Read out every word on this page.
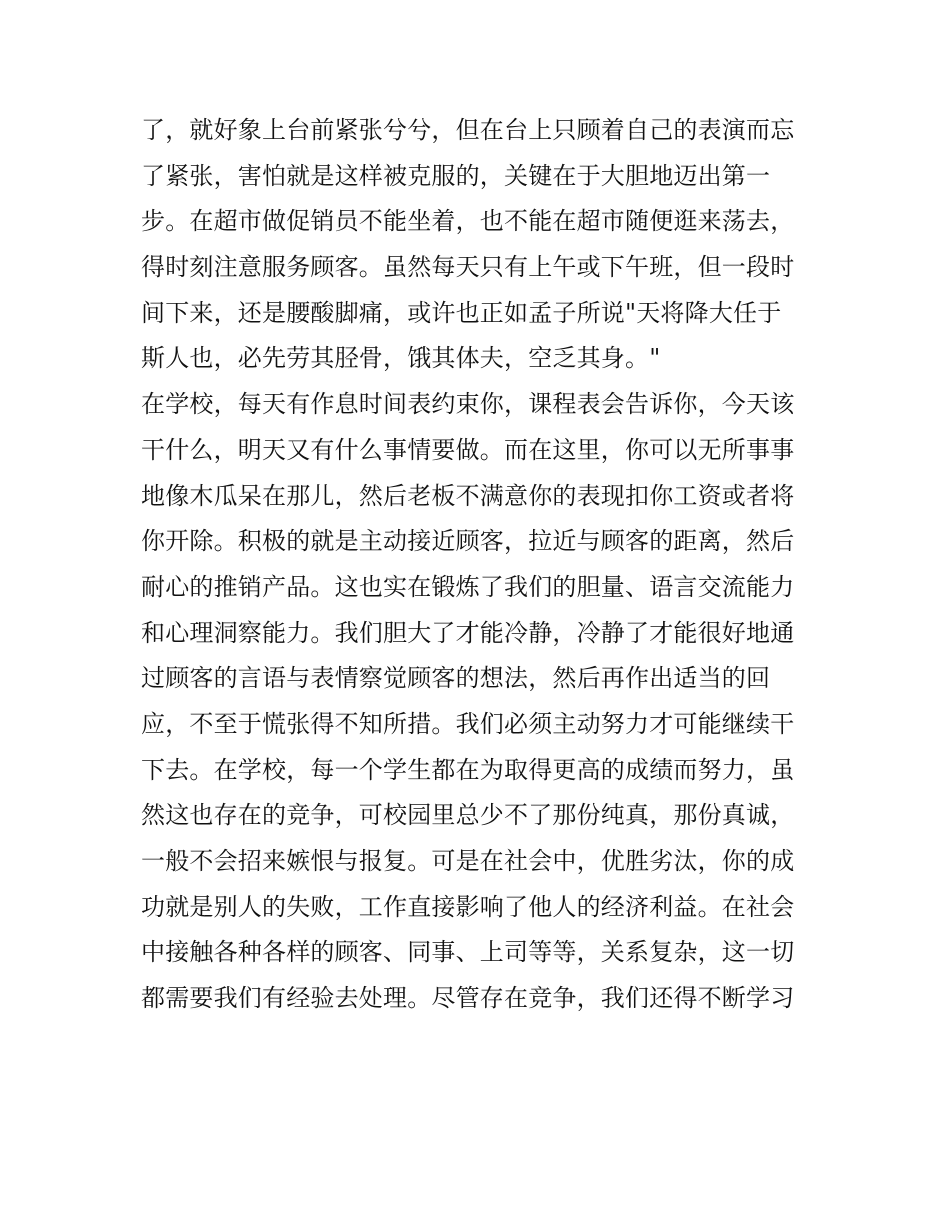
了，就好象上台前紧张兮兮，但在台上只顾着自己的表演而忘
了紧张，害怕就是这样被克服的，关键在于大胆地迈出第一
步。在超市做促销员不能坐着，也不能在超市随便逛来荡去，
得时刻注意服务顾客。虽然每天只有上午或下午班，但一段时
间下来，还是腰酸脚痛，或许也正如孟子所说"天将降大任于
斯人也，必先劳其胫骨，饿其体夫，空乏其身。"
在学校，每天有作息时间表约束你，课程表会告诉你，今天该
干什么，明天又有什么事情要做。而在这里，你可以无所事事
地像木瓜呆在那儿，然后老板不满意你的表现扣你工资或者将
你开除。积极的就是主动接近顾客，拉近与顾客的距离，然后
耐心的推销产品。这也实在锻炼了我们的胆量、语言交流能力
和心理洞察能力。我们胆大了才能冷静，冷静了才能很好地通
过顾客的言语与表情察觉顾客的想法，然后再作出适当的回
应，不至于慌张得不知所措。我们必须主动努力才可能继续干
下去。在学校，每一个学生都在为取得更高的成绩而努力，虽
然这也存在的竞争，可校园里总少不了那份纯真，那份真诚，
一般不会招来嫉恨与报复。可是在社会中，优胜劣汰，你的成
功就是别人的失败，工作直接影响了他人的经济利益。在社会
中接触各种各样的顾客、同事、上司等等，关系复杂，这一切
都需要我们有经验去处理。尽管存在竞争，我们还得不断学习
